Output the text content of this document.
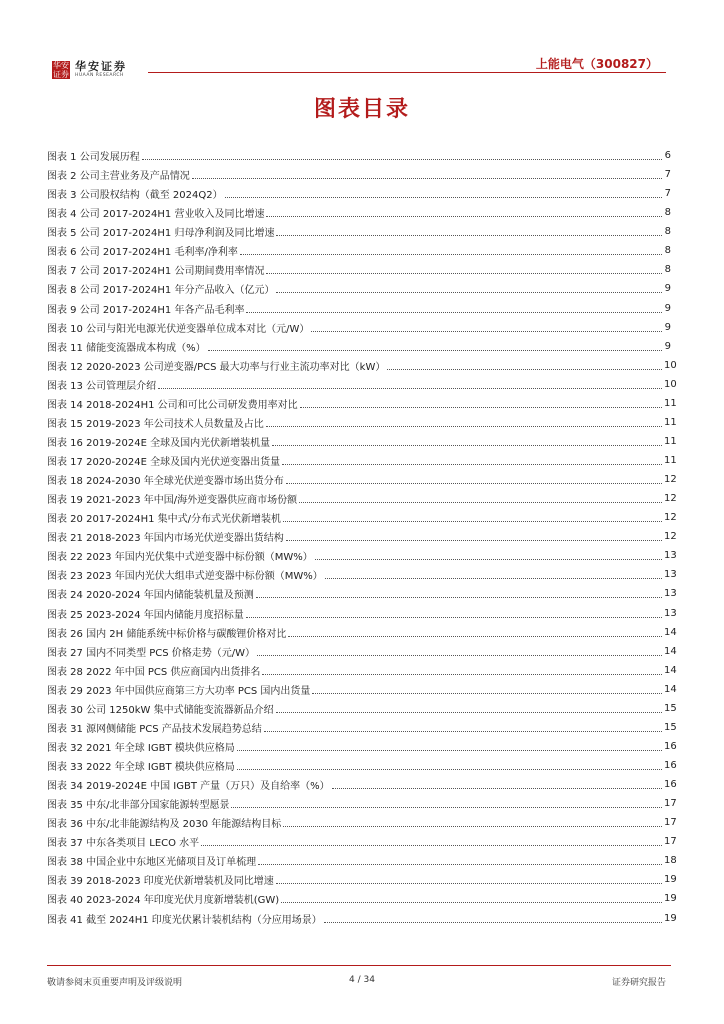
华安
证券
华安证券
HUAAN RESEARCH
上能电气（300827）
图表目录
图表 1 公司发展历程	6
图表 2 公司主营业务及产品情况	7
图表 3 公司股权结构（截至 2024Q2）	7
图表 4 公司 2017-2024H1 营业收入及同比增速	8
图表 5 公司 2017-2024H1 归母净利润及同比增速	8
图表 6 公司 2017-2024H1 毛利率/净利率	8
图表 7 公司 2017-2024H1 公司期间费用率情况	8
图表 8 公司 2017-2024H1 年分产品收入（亿元）	9
图表 9 公司 2017-2024H1 年各产品毛利率	9
图表 10 公司与阳光电源光伏逆变器单位成本对比（元/W）	9
图表 11 储能变流器成本构成（%）	9
图表 12 2020-2023 公司逆变器/PCS 最大功率与行业主流功率对比（kW）	10
图表 13 公司管理层介绍	10
图表 14 2018-2024H1 公司和可比公司研发费用率对比	11
图表 15 2019-2023 年公司技术人员数量及占比	11
图表 16 2019-2024E 全球及国内光伏新增装机量	11
图表 17 2020-2024E 全球及国内光伏逆变器出货量	11
图表 18 2024-2030 年全球光伏逆变器市场出货分布	12
图表 19 2021-2023 年中国/海外逆变器供应商市场份额	12
图表 20 2017-2024H1 集中式/分布式光伏新增装机	12
图表 21 2018-2023 年国内市场光伏逆变器出货结构	12
图表 22 2023 年国内光伏集中式逆变器中标份额（MW%）	13
图表 23 2023 年国内光伏大组串式逆变器中标份额（MW%）	13
图表 24 2020-2024 年国内储能装机量及预测	13
图表 25 2023-2024 年国内储能月度招标量	13
图表 26 国内 2H 储能系统中标价格与碳酸锂价格对比	14
图表 27 国内不同类型 PCS 价格走势（元/W）	14
图表 28 2022 年中国 PCS 供应商国内出货排名	14
图表 29 2023 年中国供应商第三方大功率 PCS 国内出货量	14
图表 30 公司 1250kW 集中式储能变流器新品介绍	15
图表 31 源网侧储能 PCS 产品技术发展趋势总结	15
图表 32 2021 年全球 IGBT 模块供应格局	16
图表 33 2022 年全球 IGBT 模块供应格局	16
图表 34 2019-2024E 中国 IGBT 产量（万只）及自给率（%）	16
图表 35 中东/北非部分国家能源转型愿景	17
图表 36 中东/北非能源结构及 2030 年能源结构目标	17
图表 37 中东各类项目 LECO 水平	17
图表 38 中国企业中东地区光储项目及订单梳理	18
图表 39 2018-2023 印度光伏新增装机及同比增速	19
图表 40 2023-2024 年印度光伏月度新增装机(GW)	19
图表 41 截至 2024H1 印度光伏累计装机结构（分应用场景）	19
敬请参阅末页重要声明及评级说明	4 / 34	证券研究报告
